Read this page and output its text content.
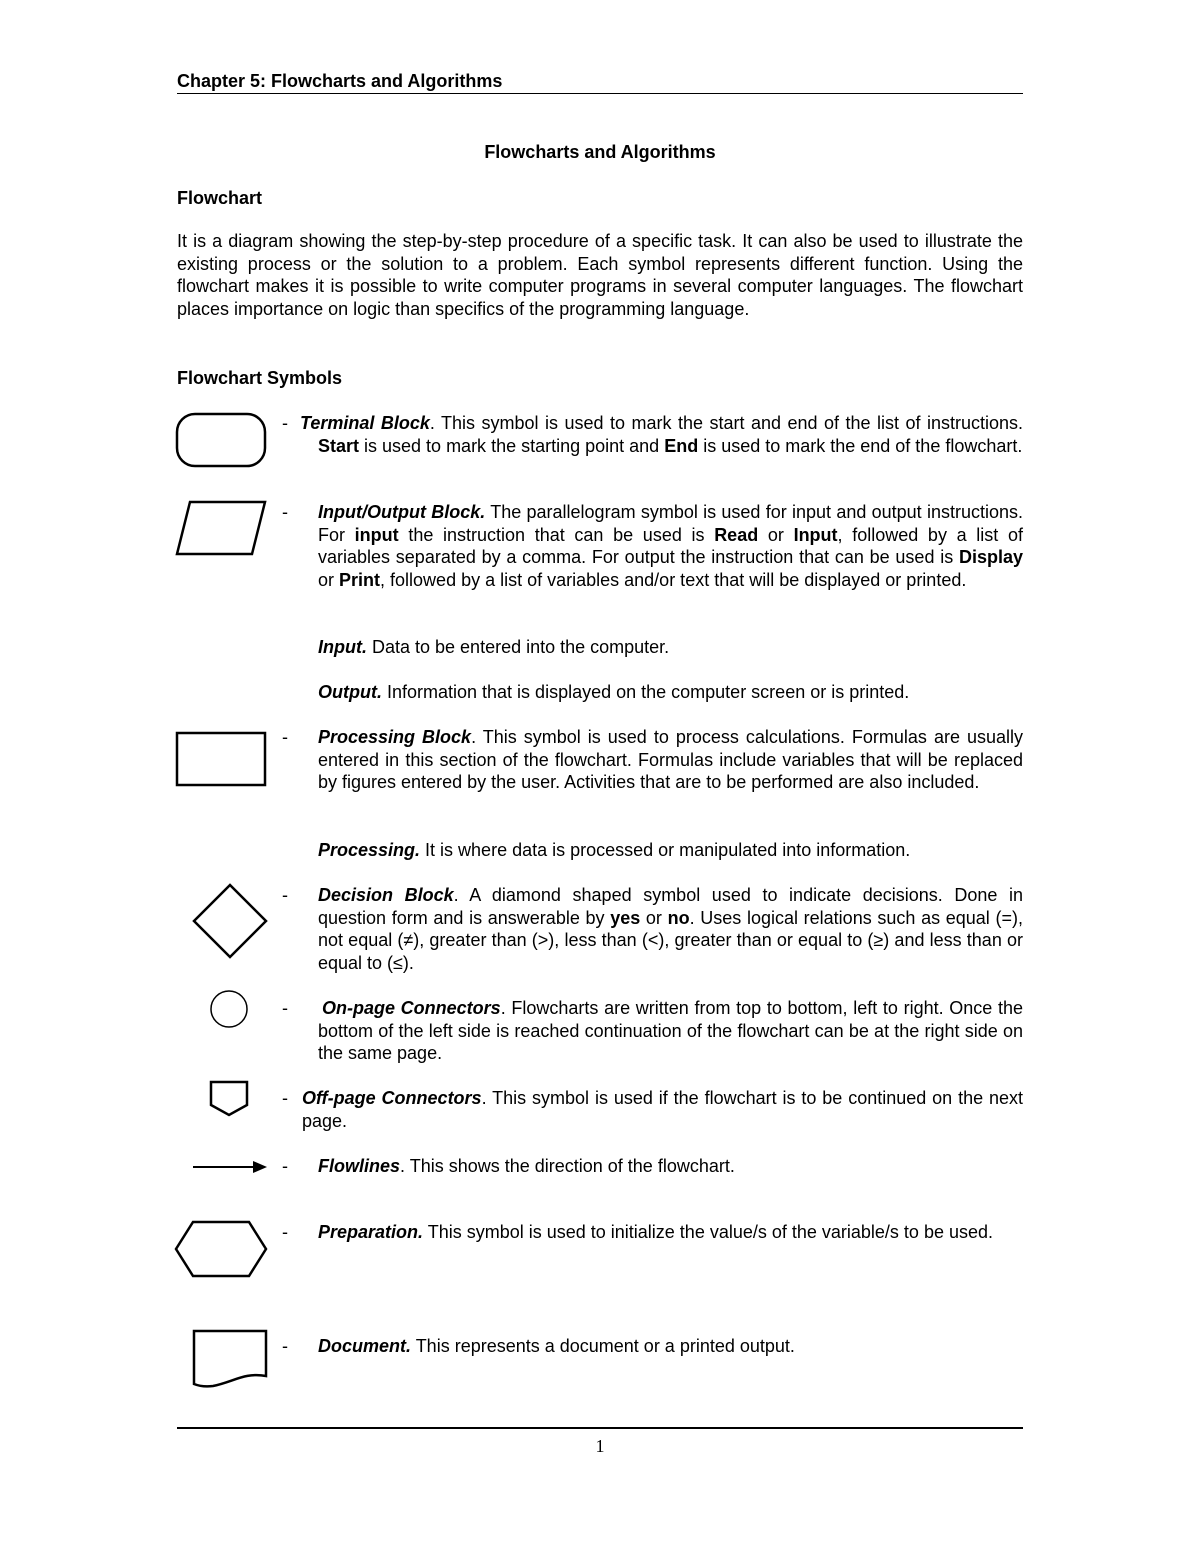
Chapter 5: Flowcharts and Algorithms
Flowcharts and Algorithms
Flowchart
It is a diagram showing the step-by-step procedure of a specific task. It can also be used to illustrate the existing process or the solution to a problem. Each symbol represents different function. Using the flowchart makes it is possible to write computer programs in several computer languages. The flowchart places importance on logic than specifics of the programming language.
Flowchart Symbols
- Terminal Block. This symbol is used to mark the start and end of the list of instructions. Start is used to mark the starting point and End is used to mark the end of the flowchart.
- Input/Output Block. The parallelogram symbol is used for input and output instructions. For input the instruction that can be used is Read or Input, followed by a list of variables separated by a comma. For output the instruction that can be used is Display or Print, followed by a list of variables and/or text that will be displayed or printed.
Input. Data to be entered into the computer.
Output. Information that is displayed on the computer screen or is printed.
- Processing Block. This symbol is used to process calculations. Formulas are usually entered in this section of the flowchart. Formulas include variables that will be replaced by figures entered by the user. Activities that are to be performed are also included.
Processing. It is where data is processed or manipulated into information.
- Decision Block. A diamond shaped symbol used to indicate decisions. Done in question form and is answerable by yes or no. Uses logical relations such as equal (=), not equal (≠), greater than (>), less than (<), greater than or equal to (≥) and less than or equal to (≤).
- On-page Connectors. Flowcharts are written from top to bottom, left to right. Once the bottom of the left side is reached continuation of the flowchart can be at the right side on the same page.
- Off-page Connectors. This symbol is used if the flowchart is to be continued on the next page.
- Flowlines. This shows the direction of the flowchart.
- Preparation. This symbol is used to initialize the value/s of the variable/s to be used.
- Document. This represents a document or a printed output.
1
